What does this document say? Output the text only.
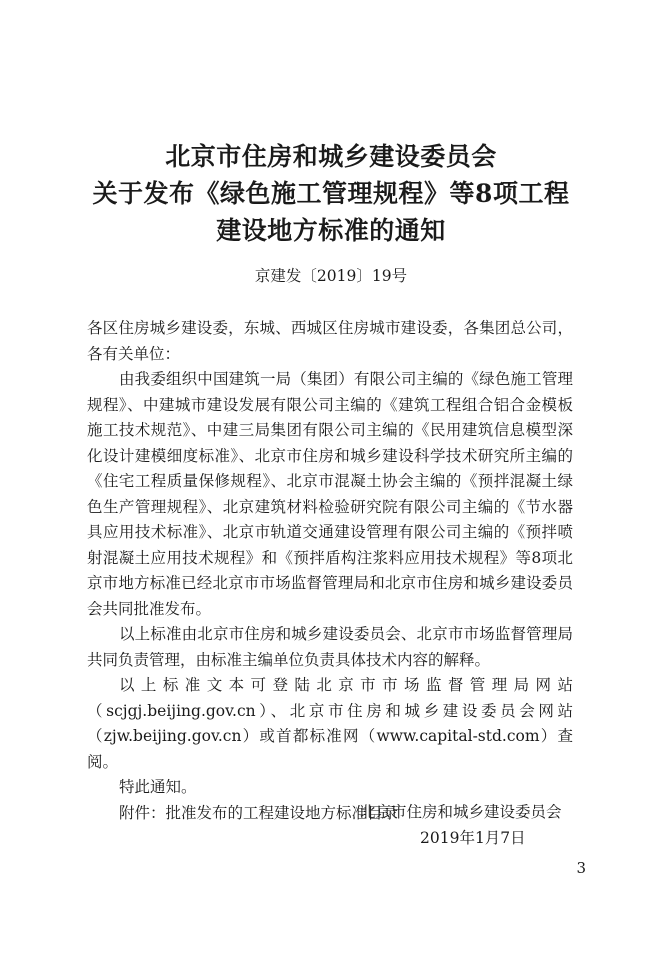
北京市住房和城乡建设委员会
关于发布《绿色施工管理规程》等8项工程
建设地方标准的通知
京建发〔2019〕19号

各区住房城乡建设委，东城、西城区住房城市建设委，各集团总公司，各有关单位：

由我委组织中国建筑一局（集团）有限公司主编的《绿色施工管理规程》、中建城市建设发展有限公司主编的《建筑工程组合铝合金模板施工技术规范》、中建三局集团有限公司主编的《民用建筑信息模型深化设计建模细度标准》、北京市住房和城乡建设科学技术研究所主编的《住宅工程质量保修规程》、北京市混凝土协会主编的《预拌混凝土绿色生产管理规程》、北京建筑材料检验研究院有限公司主编的《节水器具应用技术标准》、北京市轨道交通建设管理有限公司主编的《预拌喷射混凝土应用技术规程》和《预拌盾构注浆料应用技术规程》等8项北京市地方标准已经北京市市场监督管理局和北京市住房和城乡建设委员会共同批准发布。

以上标准由北京市住房和城乡建设委员会、北京市市场监督管理局共同负责管理，由标准主编单位负责具体技术内容的解释。

以上标准文本可登陆北京市市场监督管理局网站（scjgj.beijing.gov.cn）、北京市住房和城乡建设委员会网站（zjw.beijing.gov.cn）或首都标准网（www.capital-std.com）查阅。

特此通知。

附件：批准发布的工程建设地方标准目录

北京市住房和城乡建设委员会
2019年1月7日
3
